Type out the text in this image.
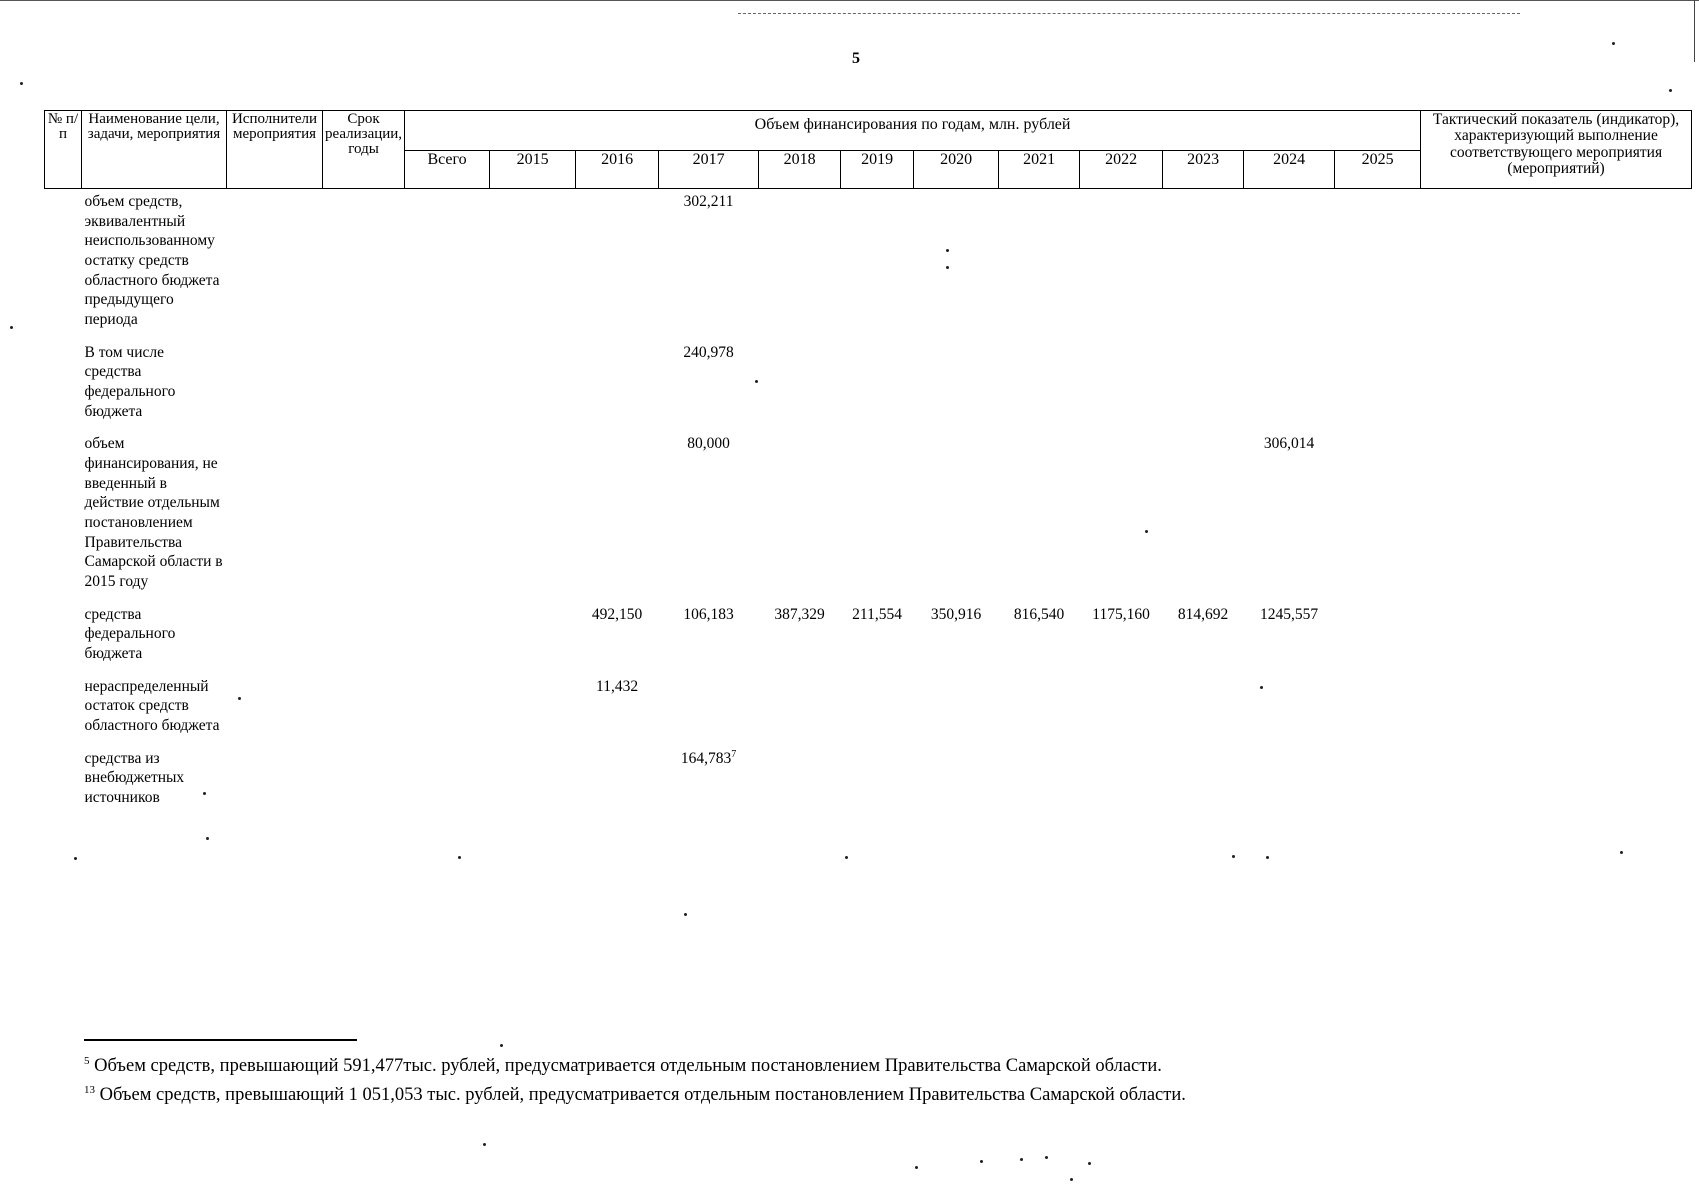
5
№ п/п	Наименование цели, задачи, мероприятия	Исполнители мероприятия	Срок реализации, годы	Объем финансирования по годам, млн. рублей												Тактический показатель (индикатор), характеризующий выполнение соответствующего мероприятия (мероприятий)
				Всего	2015	2016	2017	2018	2019	2020	2021	2022	2023	2024	2025	
	объем средств, эквивалентный неиспользованному остатку средств областного бюджета предыдущего периода						302,211									
	В том числе средства федерального бюджета						240,978									
	объем финансирования, не введенный в действие отдельным постановлением Правительства Самарской области в 2015 году						80,000							306,014		
	средства федерального бюджета					492,150	106,183	387,329	211,554	350,916	816,540	1175,160	814,692	1245,557		
	нераспределенный остаток средств областного бюджета					11,432										
	средства из внебюджетных источников						164,783$^7$									
$^5$ Объем средств, превышающий 591,477тыс. рублей, предусматривается отдельным постановлением Правительства Самарской области.
$^{13}$ Объем средств, превышающий 1 051,053 тыс. рублей, предусматривается отдельным постановлением Правительства Самарской области.
